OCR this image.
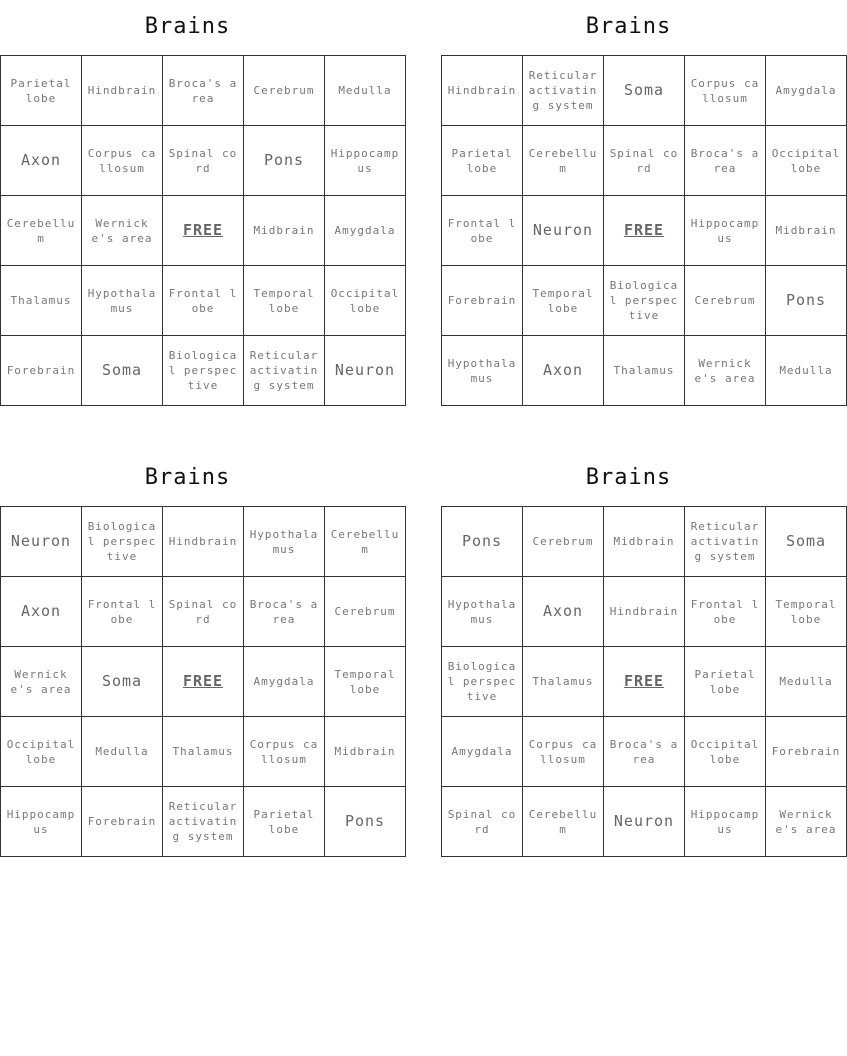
Brains
Parietal lobe	Hindbrain	Broca's area	Cerebrum	Medulla
Axon	Corpus callosum	Spinal cord	Pons	Hippocampus
Cerebellum	Wernicke's area	FREE	Midbrain	Amygdala
Thalamus	Hypothalamus	Frontal lobe	Temporal lobe	Occipital lobe
Forebrain	Soma	Biological perspective	Reticular activating system	Neuron
Brains
Hindbrain	Reticular activating system	Soma	Corpus callosum	Amygdala
Parietal lobe	Cerebellum	Spinal cord	Broca's area	Occipital lobe
Frontal lobe	Neuron	FREE	Hippocampus	Midbrain
Forebrain	Temporal lobe	Biological perspective	Cerebrum	Pons
Hypothalamus	Axon	Thalamus	Wernicke's area	Medulla
Brains
Neuron	Biological perspective	Hindbrain	Hypothalamus	Cerebellum
Axon	Frontal lobe	Spinal cord	Broca's area	Cerebrum
Wernicke's area	Soma	FREE	Amygdala	Temporal lobe
Occipital lobe	Medulla	Thalamus	Corpus callosum	Midbrain
Hippocampus	Forebrain	Reticular activating system	Parietal lobe	Pons
Brains
Pons	Cerebrum	Midbrain	Reticular activating system	Soma
Hypothalamus	Axon	Hindbrain	Frontal lobe	Temporal lobe
Biological perspective	Thalamus	FREE	Parietal lobe	Medulla
Amygdala	Corpus callosum	Broca's area	Occipital lobe	Forebrain
Spinal cord	Cerebellum	Neuron	Hippocampus	Wernicke's area
